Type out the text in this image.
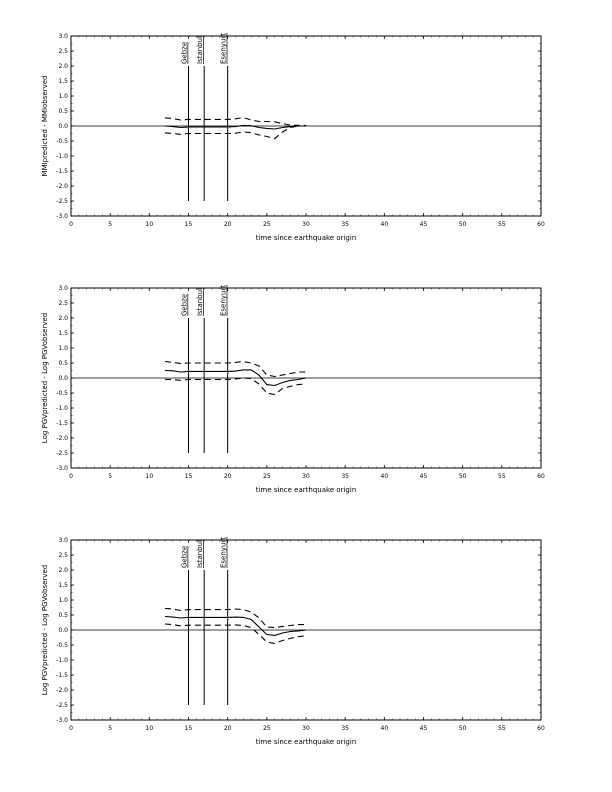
3.0
2.5
2.0
1.5
1.0
0.5
0.0
-0.5
-1.0
-1.5
-2.0
-2.5
-3.0
0	5	10	15	20	25	30	35	40	45	50	55	60
Gebze Istanbul Esenyurt
time since earthquake origin
MMIpredicted - MMIobserved
3.0
2.5
2.0
1.5
1.0
0.5
0.0
-0.5
-1.0
-1.5
-2.0
-2.5
-3.0
0	5	10	15	20	25	30	35	40	45	50	55	60
Gebze Istanbul Esenyurt
time since earthquake origin
Log PGVpredicted - Log PGVobserved
3.0
2.5
2.0
1.5
1.0
0.5
0.0
-0.5
-1.0
-1.5
-2.0
-2.5
-3.0
0	5	10	15	20	25	30	35	40	45	50	55	60
Gebze Istanbul Esenyurt
time since earthquake origin
Log PGVpredicted - Log PGVobserved
